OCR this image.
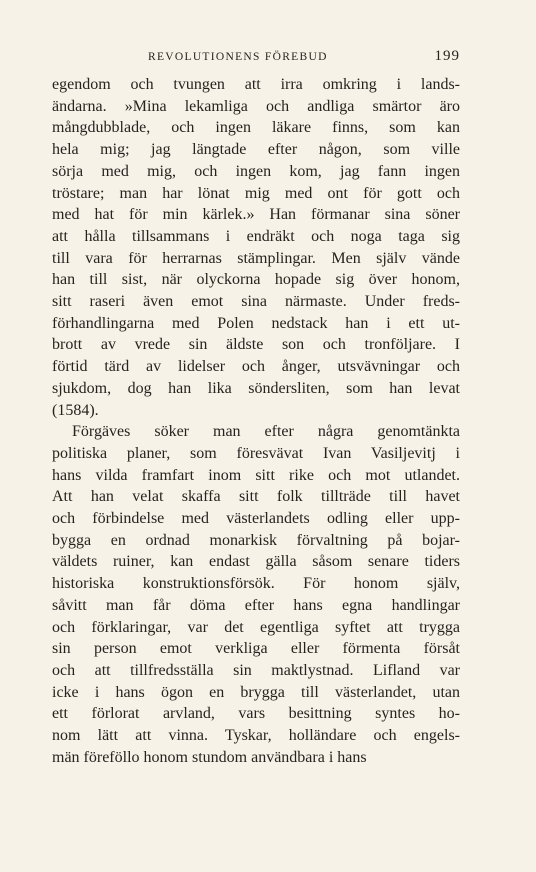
REVOLUTIONENS FÖREBUD	199
egendom och tvungen att irra omkring i lands-
ändarna. »Mina lekamliga och andliga smärtor äro
mångdubblade, och ingen läkare finns, som kan
hela mig; jag längtade efter någon, som ville
sörja med mig, och ingen kom, jag fann ingen
tröstare; man har lönat mig med ont för gott och
med hat för min kärlek.» Han förmanar sina söner
att hålla tillsammans i endräkt och noga taga sig
till vara för herrarnas stämplingar. Men själv vände
han till sist, när olyckorna hopade sig över honom,
sitt raseri även emot sina närmaste. Under freds-
förhandlingarna med Polen nedstack han i ett ut-
brott av vrede sin äldste son och tronföljare. I
förtid tärd av lidelser och ånger, utsvävningar och
sjukdom, dog han lika söndersliten, som han levat
(1584).
Förgäves söker man efter några genomtänkta
politiska planer, som föresvävat Ivan Vasiljevitj i
hans vilda framfart inom sitt rike och mot utlandet.
Att han velat skaffa sitt folk tillträde till havet
och förbindelse med västerlandets odling eller upp-
bygga en ordnad monarkisk förvaltning på bojar-
väldets ruiner, kan endast gälla såsom senare tiders
historiska konstruktionsförsök. För honom själv,
såvitt man får döma efter hans egna handlingar
och förklaringar, var det egentliga syftet att trygga
sin person emot verkliga eller förmenta försåt
och att tillfredsställa sin maktlystnad. Lifland var
icke i hans ögon en brygga till västerlandet, utan
ett förlorat arvland, vars besittning syntes ho-
nom lätt att vinna. Tyskar, holländare och engels-
män föreföllo honom stundom användbara i hans
